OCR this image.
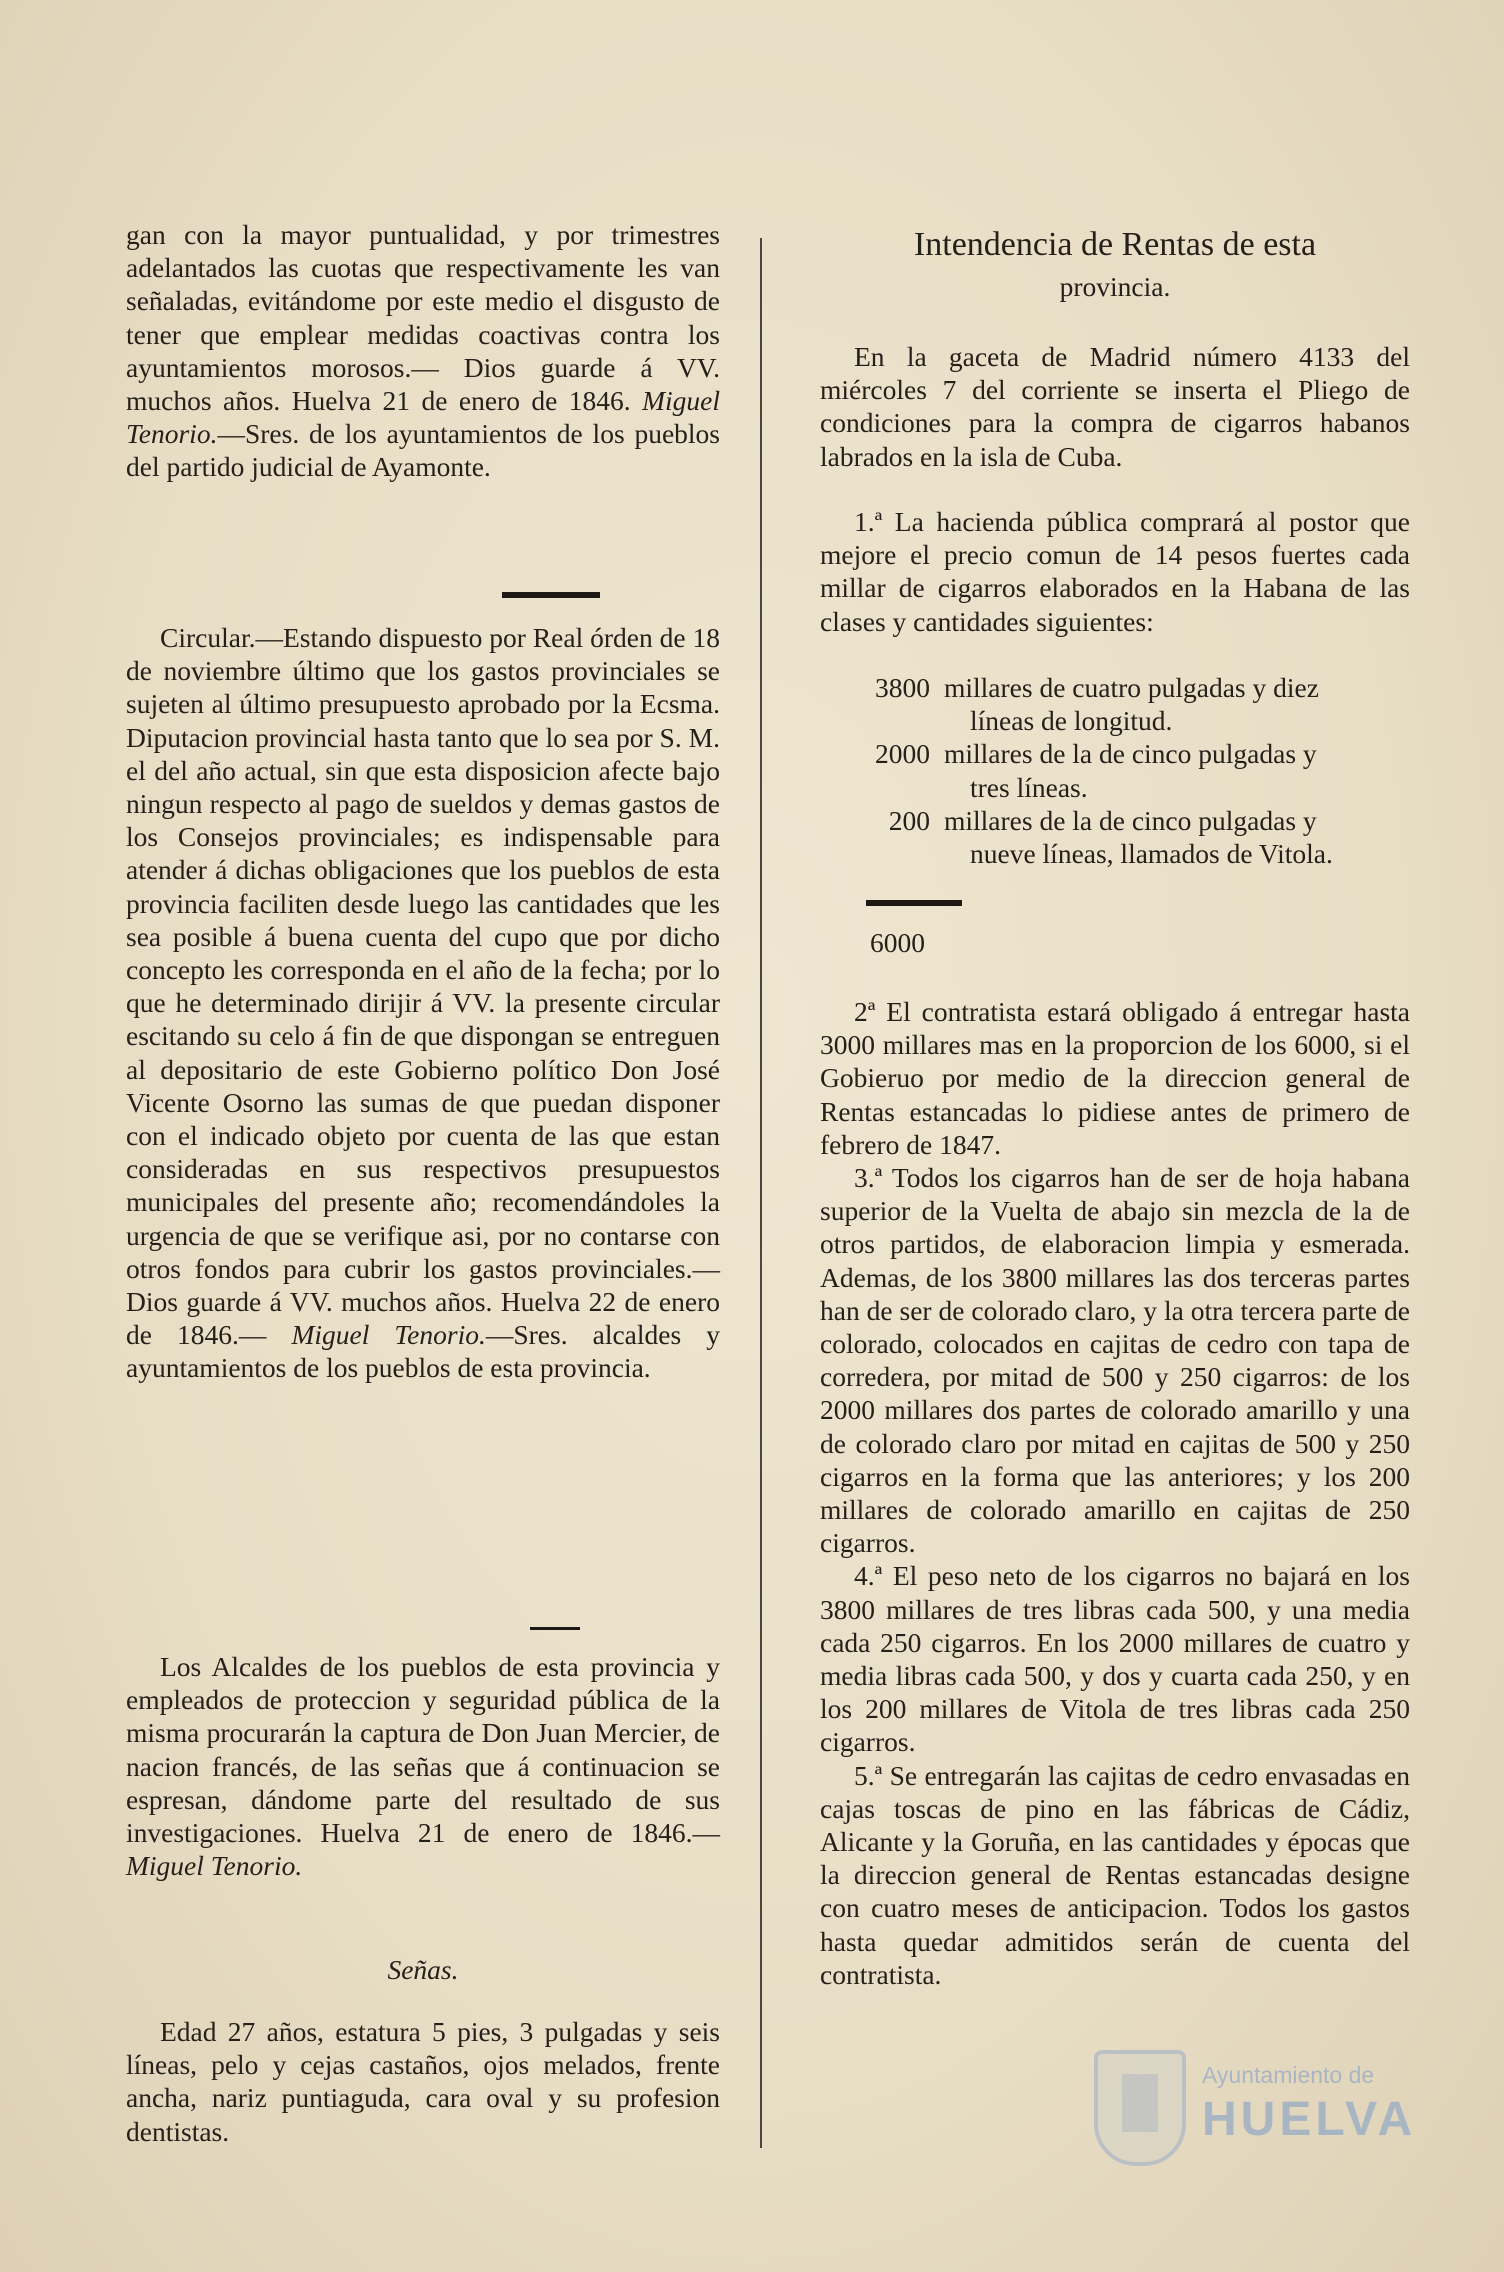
gan con la mayor puntualidad, y por trimestres adelantados las cuotas que respectivamente les van señaladas, evitándome por este medio el disgusto de tener que emplear medidas coactivas contra los ayuntamientos morosos.— Dios guarde á VV. muchos años. Huelva 21 de enero de 1846. Miguel Tenorio.—Sres. de los ayuntamientos de los pueblos del partido judicial de Ayamonte.

Circular.—Estando dispuesto por Real órden de 18 de noviembre último que los gastos provinciales se sujeten al último presupuesto aprobado por la Ecsma. Diputacion provincial hasta tanto que lo sea por S. M. el del año actual, sin que esta disposicion afecte bajo ningun respecto al pago de sueldos y demas gastos de los Consejos provinciales; es indispensable para atender á dichas obligaciones que los pueblos de esta provincia faciliten desde luego las cantidades que les sea posible á buena cuenta del cupo que por dicho concepto les corresponda en el año de la fecha; por lo que he determinado dirijir á VV. la presente circular escitando su celo á fin de que dispongan se entreguen al depositario de este Gobierno político Don José Vicente Osorno las sumas de que puedan disponer con el indicado objeto por cuenta de las que estan consideradas en sus respectivos presupuestos municipales del presente año; recomendándoles la urgencia de que se verifique asi, por no contarse con otros fondos para cubrir los gastos provinciales.—Dios guarde á VV. muchos años. Huelva 22 de enero de 1846.— Miguel Tenorio.—Sres. alcaldes y ayuntamientos de los pueblos de esta provincia.

Los Alcaldes de los pueblos de esta provincia y empleados de proteccion y seguridad pública de la misma procurarán la captura de Don Juan Mercier, de nacion francés, de las señas que á continuacion se espresan, dándome parte del resultado de sus investigaciones. Huelva 21 de enero de 1846.—Miguel Tenorio.

Señas.

Edad 27 años, estatura 5 pies, 3 pulgadas y seis líneas, pelo y cejas castaños, ojos melados, frente ancha, nariz puntiaguda, cara oval y su profesion dentistas.

Intendencia de Rentas de esta
provincia.

En la gaceta de Madrid número 4133 del miércoles 7 del corriente se inserta el Pliego de condiciones para la compra de cigarros habanos labrados en la isla de Cuba.

1.ª La hacienda pública comprará al postor que mejore el precio comun de 14 pesos fuertes cada millar de cigarros elaborados en la Habana de las clases y cantidades siguientes:

3800 millares de cuatro pulgadas y diez
líneas de longitud.
2000 millares de la de cinco pulgadas y
tres líneas.
200 millares de la de cinco pulgadas y
nueve líneas, llamados de Vitola.
6000

2ª El contratista estará obligado á entregar hasta 3000 millares mas en la proporcion de los 6000, si el Gobieruo por medio de la direccion general de Rentas estancadas lo pidiese antes de primero de febrero de 1847.

3.ª Todos los cigarros han de ser de hoja habana superior de la Vuelta de abajo sin mezcla de la de otros partidos, de elaboracion limpia y esmerada. Ademas, de los 3800 millares las dos terceras partes han de ser de colorado claro, y la otra tercera parte de colorado, colocados en cajitas de cedro con tapa de corredera, por mitad de 500 y 250 cigarros: de los 2000 millares dos partes de colorado amarillo y una de colorado claro por mitad en cajitas de 500 y 250 cigarros en la forma que las anteriores; y los 200 millares de colorado amarillo en cajitas de 250 cigarros.

4.ª El peso neto de los cigarros no bajará en los 3800 millares de tres libras cada 500, y una media cada 250 cigarros. En los 2000 millares de cuatro y media libras cada 500, y dos y cuarta cada 250, y en los 200 millares de Vitola de tres libras cada 250 cigarros.

5.ª Se entregarán las cajitas de cedro envasadas en cajas toscas de pino en las fábricas de Cádiz, Alicante y la Goruña, en las cantidades y épocas que la direccion general de Rentas estancadas designe con cuatro meses de anticipacion. Todos los gastos hasta quedar admitidos serán de cuenta del contratista.

Ayuntamiento de
HUELVA
